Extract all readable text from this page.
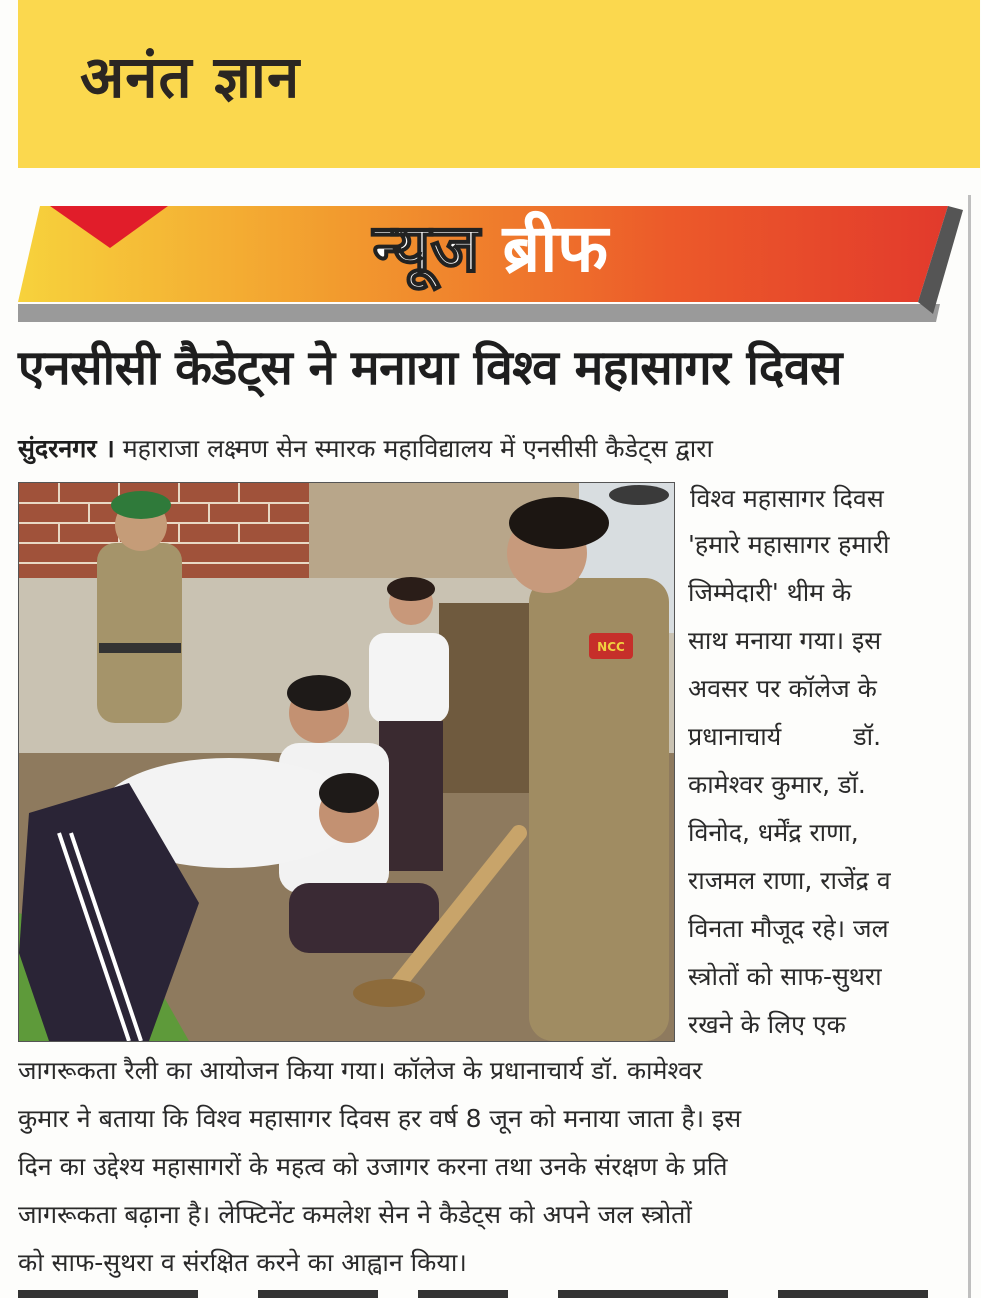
अनंत ज्ञान
न्यूज ब्रीफ
एनसीसी कैडेट्स ने मनाया विश्व महासागर दिवस
सुंदरनगर । महाराजा लक्ष्मण सेन स्मारक महाविद्यालय में एनसीसी कैडेट्स द्वारा
NCC
विश्व महासागर दिवस
'हमारे महासागर हमारी
जिम्मेदारी' थीम के
साथ मनाया गया। इस
अवसर पर कॉलेज के
प्रधानाचार्य डॉ.
कामेश्वर कुमार, डॉ.
विनोद, धर्मेंद्र राणा,
राजमल राणा, राजेंद्र व
विनता मौजूद रहे। जल
स्त्रोतों को साफ-सुथरा
रखने के लिए एक
जागरूकता रैली का आयोजन किया गया। कॉलेज के प्रधानाचार्य डॉ. कामेश्वर
कुमार ने बताया कि विश्व महासागर दिवस हर वर्ष 8 जून को मनाया जाता है। इस
दिन का उद्देश्य महासागरों के महत्व को उजागर करना तथा उनके संरक्षण के प्रति
जागरूकता बढ़ाना है। लेफ्टिनेंट कमलेश सेन ने कैडेट्स को अपने जल स्त्रोतों
को साफ-सुथरा व संरक्षित करने का आह्वान किया।
